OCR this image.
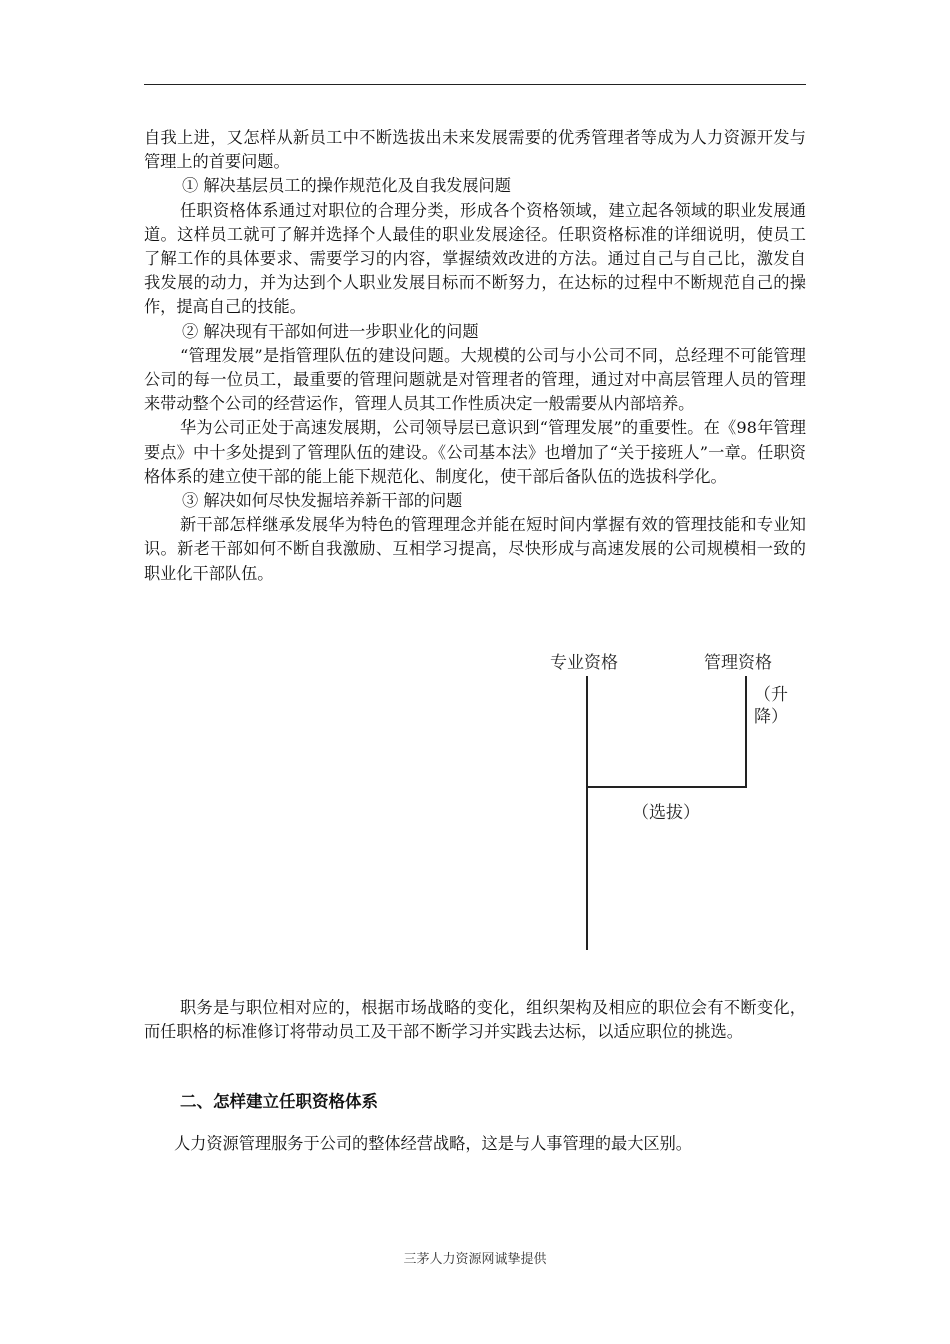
自我上进，又怎样从新员工中不断选拔出未来发展需要的优秀管理者等成为人力资源开发与管理上的首要问题。

① 解决基层员工的操作规范化及自我发展问题

任职资格体系通过对职位的合理分类，形成各个资格领域，建立起各领域的职业发展通道。这样员工就可了解并选择个人最佳的职业发展途径。任职资格标准的详细说明，使员工了解工作的具体要求、需要学习的内容，掌握绩效改进的方法。通过自己与自己比，激发自我发展的动力，并为达到个人职业发展目标而不断努力，在达标的过程中不断规范自己的操作，提高自己的技能。

② 解决现有干部如何进一步职业化的问题

“管理发展”是指管理队伍的建设问题。大规模的公司与小公司不同，总经理不可能管理公司的每一位员工，最重要的管理问题就是对管理者的管理，通过对中高层管理人员的管理来带动整个公司的经营运作，管理人员其工作性质决定一般需要从内部培养。

华为公司正处于高速发展期，公司领导层已意识到“管理发展”的重要性。在《98年管理要点》中十多处提到了管理队伍的建设。《公司基本法》也增加了“关于接班人”一章。任职资格体系的建立使干部的能上能下规范化、制度化，使干部后备队伍的选拔科学化。

③ 解决如何尽快发掘培养新干部的问题

新干部怎样继承发展华为特色的管理理念并能在短时间内掌握有效的管理技能和专业知识。新老干部如何不断自我激励、互相学习提高，尽快形成与高速发展的公司规模相一致的职业化干部队伍。

专业资格	管理资格
（升降）
（选拔）

职务是与职位相对应的，根据市场战略的变化，组织架构及相应的职位会有不断变化，而任职格的标准修订将带动员工及干部不断学习并实践去达标，以适应职位的挑选。

二、怎样建立任职资格体系
人力资源管理服务于公司的整体经营战略，这是与人事管理的最大区别。
三茅人力资源网诚挚提供
